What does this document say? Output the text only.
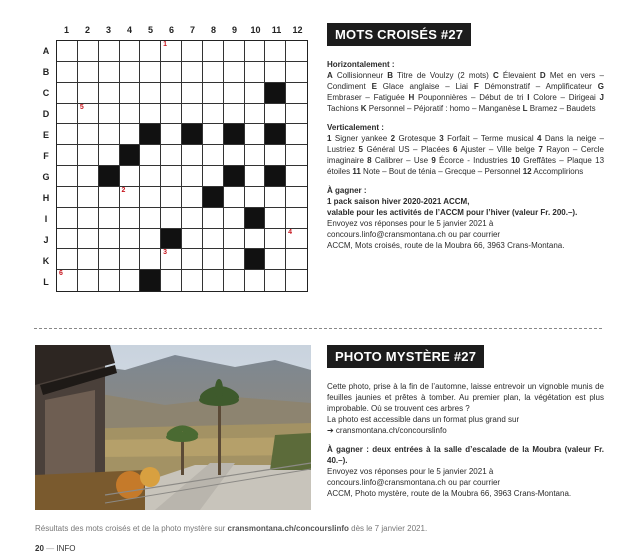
1	2	3	4	5	6	7	8	9	10	11	12
A
B
C
D
E
F
G
H
I
J
K
L
1
5
2
4
3
6
MOTS CROISÉS #27

Horizontalement :

A Collisionneur B Titre de Voulzy (2 mots) C Élevaient D Met en vers – Condiment E Glace anglaise – Liai F Démonstratif – Amplificateur G Embraser – Fatiguée H Pouponnières – Début de tri I Colore – Dirigeai J Tachions K Personnel – Péjoratif : homo – Manganèse L Bramez – Baudets

Verticalement :

1 Signer yankee 2 Grotesque 3 Forfait – Terme musical 4 Dans la neige – Lustriez 5 Général US – Placées 6 Ajuster – Ville belge 7 Rayon – Cercle imaginaire 8 Calibrer – Use 9 Écorce - Industries 10 Greffâtes – Plaque 13 étoiles 11 Note – Bout de ténia – Grecque – Personnel 12 Accomplirions

À gagner :

1 pack saison hiver 2020-2021 ACCM,

valable pour les activités de l’ACCM pour l’hiver (valeur Fr. 200.–).

Envoyez vos réponses pour le 5 janvier 2021 à

concours.linfo@cransmontana.ch ou par courrier

ACCM, Mots croisés, route de la Moubra 66, 3963 Crans-Montana.

PHOTO MYSTÈRE #27

Cette photo, prise à la fin de l’automne, laisse entrevoir un vignoble munis de feuilles jaunies et prêtes à tomber. Au premier plan, la végétation est plus improbable. Où se trouvent ces arbres ?

La photo est accessible dans un format plus grand sur

➔ cransmontana.ch/concourslinfo

À gagner : deux entrées à la salle d’escalade de la Moubra (valeur Fr. 40.–).

Envoyez vos réponses pour le 5 janvier 2021 à

concours.linfo@cransmontana.ch ou par courrier

ACCM, Photo mystère, route de la Moubra 66, 3963 Crans-Montana.

Résultats des mots croisés et de la photo mystère sur cransmontana.ch/concourslinfo dès le 7 janvier 2021.
20 — INFO
